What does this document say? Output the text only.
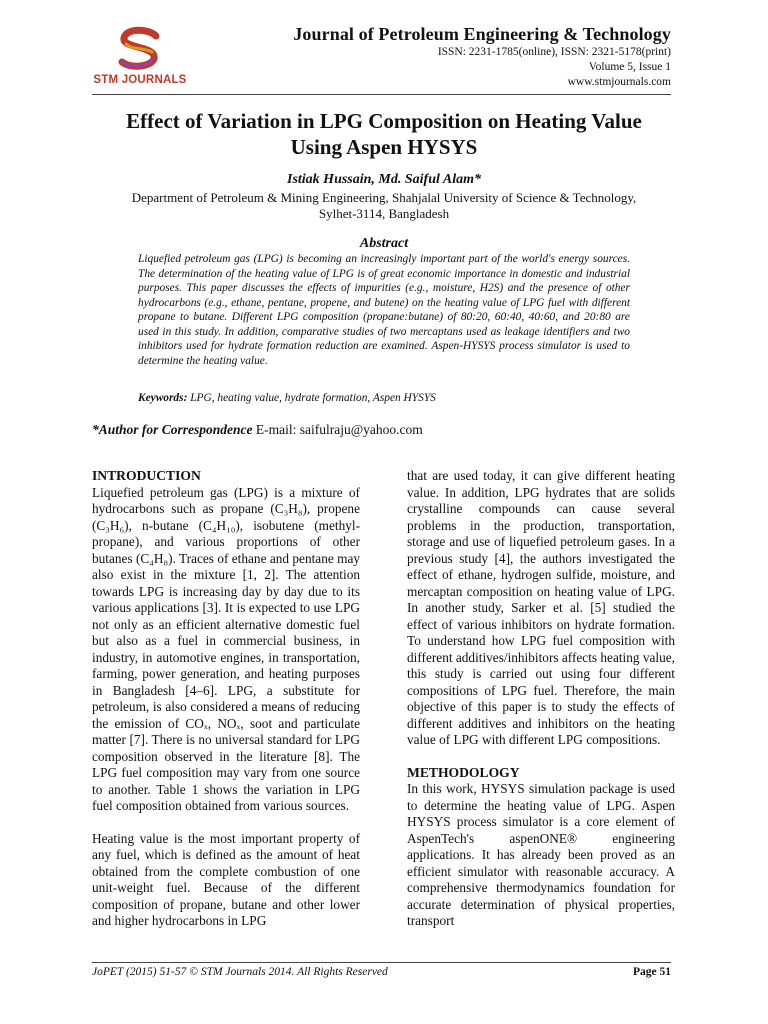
STM JOURNALS
Journal of Petroleum Engineering & Technology
ISSN: 2231-1785(online), ISSN: 2321-5178(print)
Volume 5, Issue 1
www.stmjournals.com
Effect of Variation in LPG Composition on Heating Value
Using Aspen HYSYS
Istiak Hussain, Md. Saiful Alam*
Department of Petroleum & Mining Engineering, Shahjalal University of Science & Technology,
Sylhet-3114, Bangladesh
Abstract
Liquefied petroleum gas (LPG) is becoming an increasingly important part of the world's energy sources. The determination of the heating value of LPG is of great economic importance in domestic and industrial purposes. This paper discusses the effects of impurities (e.g., moisture, H2S) and the presence of other hydrocarbons (e.g., ethane, pentane, propene, and butene) on the heating value of LPG fuel with different propane to butane. Different LPG composition (propane:butane) of 80:20, 60:40, 40:60, and 20:80 are used in this study. In addition, comparative studies of two mercaptans used as leakage identifiers and two inhibitors used for hydrate formation reduction are examined. Aspen-HYSYS process simulator is used to determine the heating value.
Keywords: LPG, heating value, hydrate formation, Aspen HYSYS
*Author for Correspondence E-mail: saifulraju@yahoo.com

INTRODUCTION

Liquefied petroleum gas (LPG) is a mixture of hydrocarbons such as propane (C₃H₈), propene (C₃H₆), n-butane (C₄H₁₀), isobutene (methyl-propane), and various proportions of other butanes (C₄H₈). Traces of ethane and pentane may also exist in the mixture [1, 2]. The attention towards LPG is increasing day by day due to its various applications [3]. It is expected to use LPG not only as an efficient alternative domestic fuel but also as a fuel in commercial business, in industry, in automotive engines, in transportation, farming, power generation, and heating purposes in Bangladesh [4–6]. LPG, a substitute for petroleum, is also considered a means of reducing the emission of COₓ, NOₓ, soot and particulate matter [7]. There is no universal standard for LPG composition observed in the literature [8]. The LPG fuel composition may vary from one source to another. Table 1 shows the variation in LPG fuel composition obtained from various sources.

Heating value is the most important property of any fuel, which is defined as the amount of heat obtained from the complete combustion of one unit-weight fuel. Because of the different composition of propane, butane and other lower and higher hydrocarbons in LPG

that are used today, it can give different heating value. In addition, LPG hydrates that are solids crystalline compounds can cause several problems in the production, transportation, storage and use of liquefied petroleum gases. In a previous study [4], the authors investigated the effect of ethane, hydrogen sulfide, moisture, and mercaptan composition on heating value of LPG. In another study, Sarker et al. [5] studied the effect of various inhibitors on hydrate formation. To understand how LPG fuel composition with different additives/inhibitors affects heating value, this study is carried out using four different compositions of LPG fuel. Therefore, the main objective of this paper is to study the effects of different additives and inhibitors on the heating value of LPG with different LPG compositions.

METHODOLOGY

In this work, HYSYS simulation package is used to determine the heating value of LPG. Aspen HYSYS process simulator is a core element of AspenTech's aspenONE® engineering applications. It has already been proved as an efficient simulator with reasonable accuracy. A comprehensive thermodynamics foundation for accurate determination of physical properties, transport

JoPET (2015) 51-57 © STM Journals 2014. All Rights Reserved	Page 51
